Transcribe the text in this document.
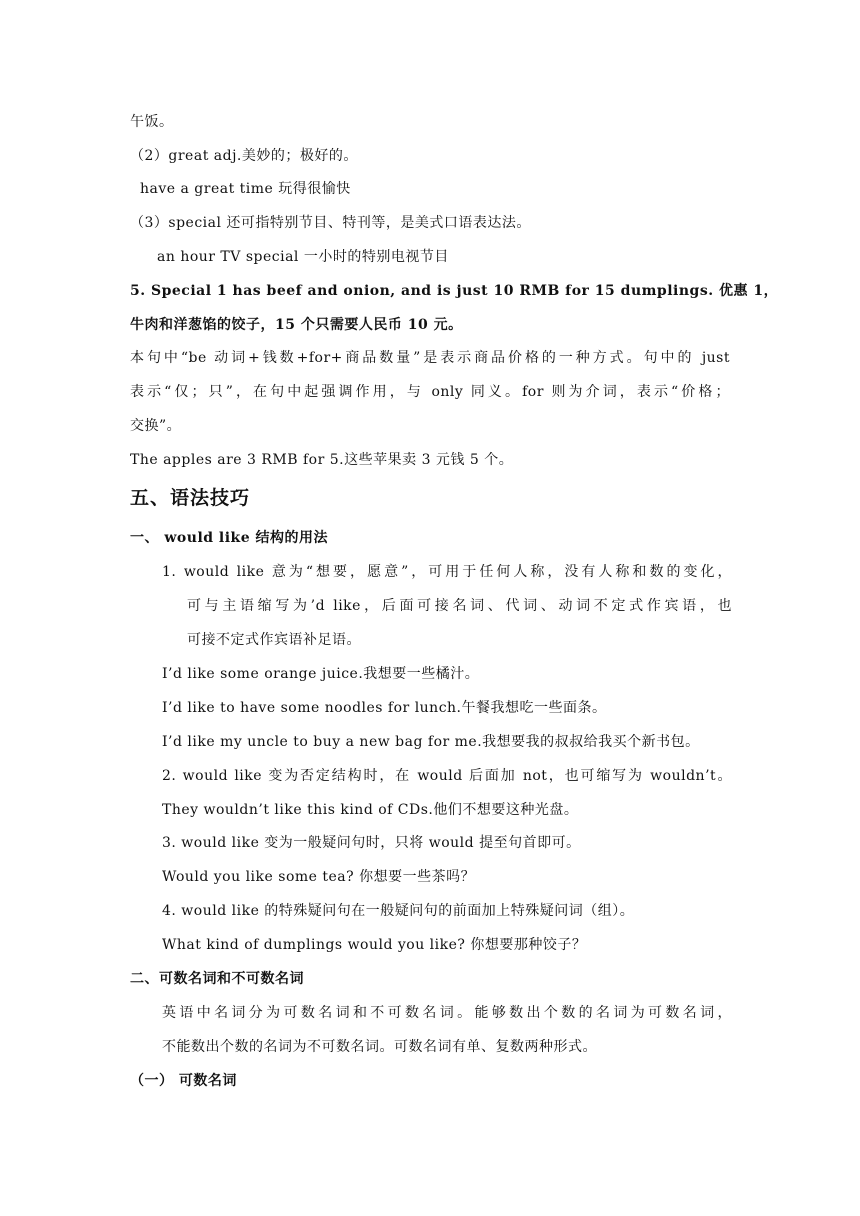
午饭。
（2）great adj.美妙的；极好的。
have a great time 玩得很愉快
（3）special 还可指特别节目、特刊等，是美式口语表达法。
an hour TV special 一小时的特别电视节目
5. Special 1 has beef and onion, and is just 10 RMB for 15 dumplings. 优惠 1，
牛肉和洋葱馅的饺子，15 个只需要人民币 10 元。
本句中“be 动词+钱数+for+商品数量”是表示商品价格的一种方式。句中的 just
表示“仅；只”，在句中起强调作用，与 only 同义。for 则为介词，表示“价格；
交换”。
The apples are 3 RMB for 5.这些苹果卖 3 元钱 5 个。
五、语法技巧
一、 would like 结构的用法
1. would like 意为“想要，愿意”，可用于任何人称，没有人称和数的变化，
可与主语缩写为’d like，后面可接名词、代词、动词不定式作宾语，也
可接不定式作宾语补足语。
I’d like some orange juice.我想要一些橘汁。
I’d like to have some noodles for lunch.午餐我想吃一些面条。
I’d like my uncle to buy a new bag for me.我想要我的叔叔给我买个新书包。
2. would like 变为否定结构时，在 would 后面加 not，也可缩写为 wouldn’t。
They wouldn’t like this kind of CDs.他们不想要这种光盘。
3. would like 变为一般疑问句时，只将 would 提至句首即可。
Would you like some tea? 你想要一些茶吗？
4. would like 的特殊疑问句在一般疑问句的前面加上特殊疑问词（组）。
What kind of dumplings would you like? 你想要那种饺子？
二、可数名词和不可数名词
英语中名词分为可数名词和不可数名词。能够数出个数的名词为可数名词，
不能数出个数的名词为不可数名词。可数名词有单、复数两种形式。
（一） 可数名词
